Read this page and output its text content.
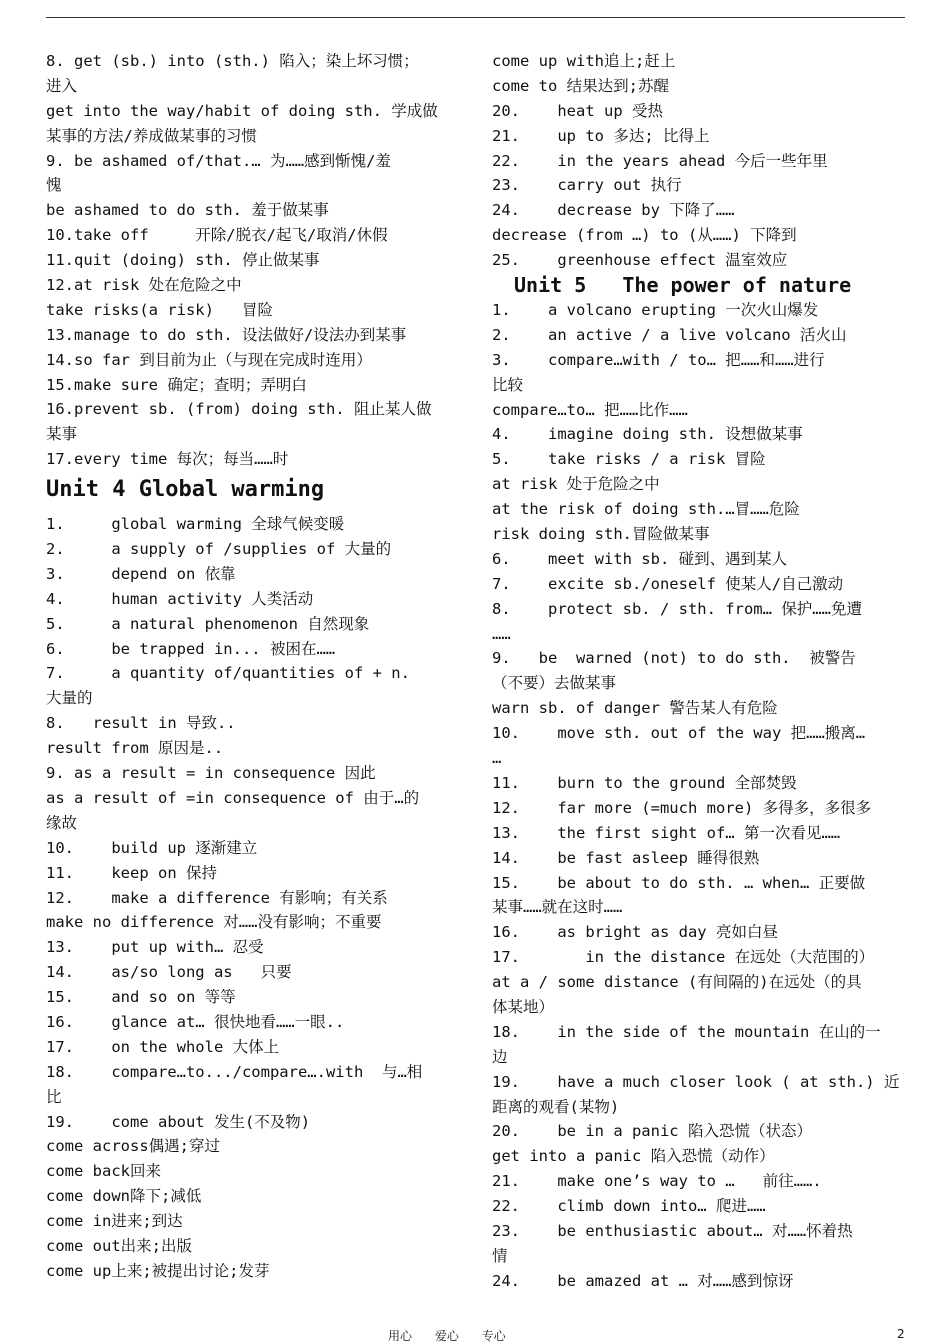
8. get (sb.) into (sth.) 陷入；染上坏习惯；
进入
get into the way/habit of doing sth. 学成做
某事的方法/养成做某事的习惯
9. be ashamed of/that.… 为……感到惭愧/羞
愧
be ashamed to do sth. 羞于做某事
10.take off     开除/脱衣/起飞/取消/休假
11.quit (doing) sth. 停止做某事
12.at risk 处在危险之中
take risks(a risk)   冒险
13.manage to do sth. 设法做好/设法办到某事
14.so far 到目前为止（与现在完成时连用）
15.make sure 确定；查明；弄明白
16.prevent sb. (from) doing sth. 阻止某人做
某事
17.every time 每次；每当……时
Unit 4 Global warming
1.     global warming 全球气候变暖
2.     a supply of /supplies of 大量的
3.     depend on 依靠
4.     human activity 人类活动
5.     a natural phenomenon 自然现象
6.     be trapped in... 被困在……
7.     a quantity of/quantities of + n.
大量的
8.   result in 导致..
result from 原因是..
9. as a result = in consequence 因此
as a result of =in consequence of 由于…的
缘故
10.    build up 逐渐建立
11.    keep on 保持
12.    make a difference 有影响；有关系
make no difference 对……没有影响；不重要
13.    put up with… 忍受
14.    as/so long as   只要
15.    and so on 等等
16.    glance at… 很快地看……一眼..
17.    on the whole 大体上
18.    compare…to.../compare….with  与…相
比
19.    come about 发生(不及物)
come across偶遇;穿过
come back回来
come down降下;减低
come in进来;到达
come out出来;出版
come up上来;被提出讨论;发芽
come up with追上;赶上
come to 结果达到;苏醒
20.    heat up 受热
21.    up to 多达; 比得上
22.    in the years ahead 今后一些年里
23.    carry out 执行
24.    decrease by 下降了……
decrease (from …) to (从……) 下降到
25.    greenhouse effect 温室效应
Unit 5   The power of nature
1.    a volcano erupting 一次火山爆发
2.    an active / a live volcano 活火山
3.    compare…with / to… 把……和……进行
比较
compare…to… 把……比作……
4.    imagine doing sth. 设想做某事
5.    take risks / a risk 冒险
at risk 处于危险之中
at the risk of doing sth.…冒……危险
risk doing sth.冒险做某事
6.    meet with sb. 碰到、遇到某人
7.    excite sb./oneself 使某人/自己激动
8.    protect sb. / sth. from… 保护……免遭
……
9.   be  warned (not) to do sth.  被警告
（不要）去做某事
warn sb. of danger 警告某人有危险
10.    move sth. out of the way 把……搬离…
…
11.    burn to the ground 全部焚毁
12.    far more (=much more) 多得多，多很多
13.    the first sight of… 第一次看见……
14.    be fast asleep 睡得很熟
15.    be about to do sth. … when… 正要做
某事……就在这时……
16.    as bright as day 亮如白昼
17.       in the distance 在远处（大范围的）
at a / some distance (有间隔的)在远处（的具
体某地）
18.    in the side of the mountain 在山的一
边
19.    have a much closer look ( at sth.) 近
距离的观看(某物)
20.    be in a panic 陷入恐慌（状态）
get into a panic 陷入恐慌（动作）
21.    make one’s way to …   前往…….
22.    climb down into… 爬进……
23.    be enthusiastic about… 对……怀着热
情
24.    be amazed at … 对……感到惊讶
用心      爱心      专心	2
